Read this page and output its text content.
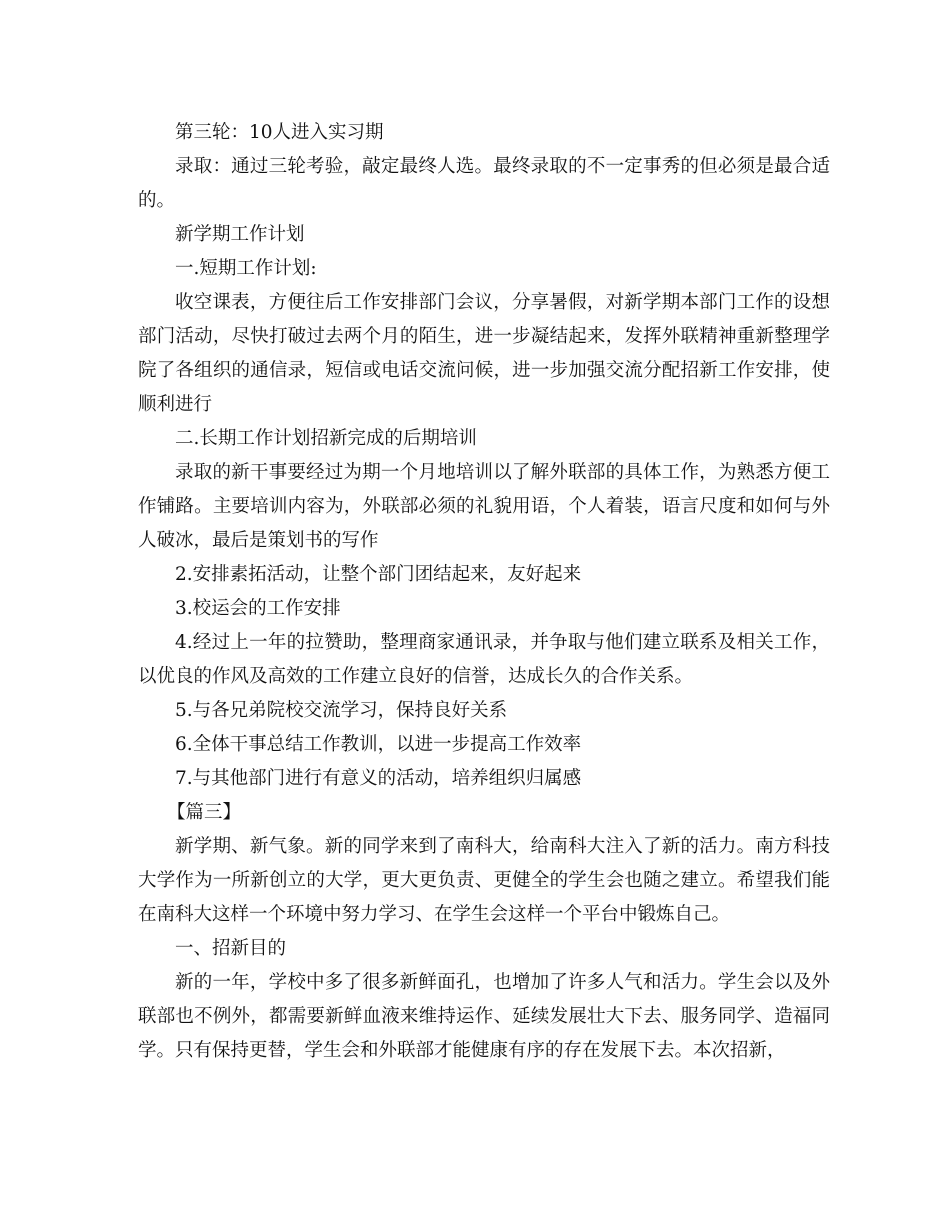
第三轮：10人进入实习期

录取：通过三轮考验，敲定最终人选。最终录取的不一定事秀的但必须是最合适的。

新学期工作计划

一.短期工作计划:

收空课表，方便往后工作安排部门会议，分享暑假，对新学期本部门工作的设想部门活动，尽快打破过去两个月的陌生，进一步凝结起来，发挥外联精神重新整理学院了各组织的通信录，短信或电话交流问候，进一步加强交流分配招新工作安排，使顺利进行

二.长期工作计划招新完成的后期培训

录取的新干事要经过为期一个月地培训以了解外联部的具体工作，为熟悉方便工作铺路。主要培训内容为，外联部必须的礼貌用语，个人着装，语言尺度和如何与外人破冰，最后是策划书的写作

2.安排素拓活动，让整个部门团结起来，友好起来

3.校运会的工作安排

4.经过上一年的拉赞助，整理商家通讯录，并争取与他们建立联系及相关工作，以优良的作风及高效的工作建立良好的信誉，达成长久的合作关系。

5.与各兄弟院校交流学习，保持良好关系

6.全体干事总结工作教训，以进一步提高工作效率

7.与其他部门进行有意义的活动，培养组织归属感

【篇三】

新学期、新气象。新的同学来到了南科大，给南科大注入了新的活力。南方科技大学作为一所新创立的大学，更大更负责、更健全的学生会也随之建立。希望我们能在南科大这样一个环境中努力学习、在学生会这样一个平台中锻炼自己。

一、招新目的

新的一年，学校中多了很多新鲜面孔，也增加了许多人气和活力。学生会以及外联部也不例外，都需要新鲜血液来维持运作、延续发展壮大下去、服务同学、造福同学。只有保持更替，学生会和外联部才能健康有序的存在发展下去。本次招新，
